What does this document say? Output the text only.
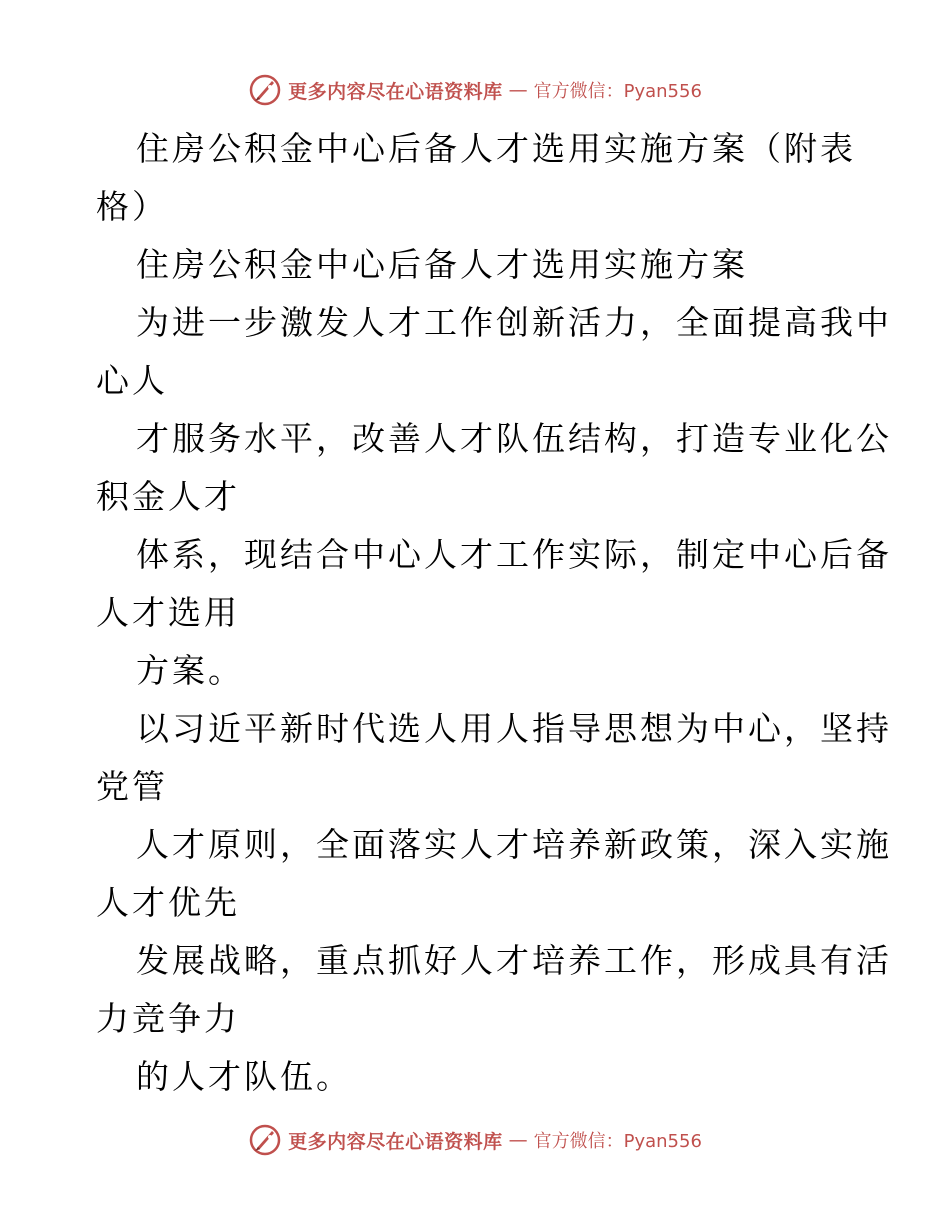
更多内容尽在心语资料库 — 官方微信：Pyan556
住房公积金中心后备人才选用实施方案（附表
格）
住房公积金中心后备人才选用实施方案
为进一步激发人才工作创新活力，全面提高我中
心人
才服务水平，改善人才队伍结构，打造专业化公
积金人才
体系，现结合中心人才工作实际，制定中心后备
人才选用
方案。
以习近平新时代选人用人指导思想为中心，坚持
党管
人才原则，全面落实人才培养新政策，深入实施
人才优先
发展战略，重点抓好人才培养工作，形成具有活
力竞争力
的人才队伍。
更多内容尽在心语资料库 — 官方微信：Pyan556
